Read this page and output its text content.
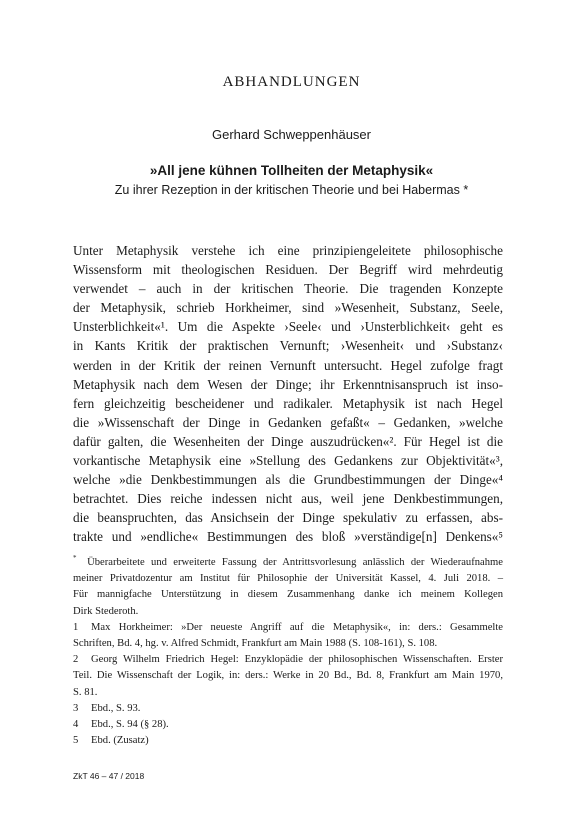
ABHANDLUNGEN
Gerhard Schweppenhäuser
»All jene kühnen Tollheiten der Metaphysik«
Zu ihrer Rezeption in der kritischen Theorie und bei Habermas *
Unter Metaphysik verstehe ich eine prinzipiengeleitete philosophische
Wissensform mit theologischen Residuen. Der Begriff wird mehrdeutig
verwendet – auch in der kritischen Theorie. Die tragenden Konzepte
der Metaphysik, schrieb Horkheimer, sind »Wesenheit, Substanz, Seele,
Unsterblichkeit«¹. Um die Aspekte ›Seele‹ und ›Unsterblichkeit‹ geht es
in Kants Kritik der praktischen Vernunft; ›Wesenheit‹ und ›Substanz‹
werden in der Kritik der reinen Vernunft untersucht. Hegel zufolge fragt
Metaphysik nach dem Wesen der Dinge; ihr Erkenntnisanspruch ist inso-
fern gleichzeitig bescheidener und radikaler. Metaphysik ist nach Hegel
die »Wissenschaft der Dinge in Gedanken gefaßt« – Gedanken, »welche
dafür galten, die Wesenheiten der Dinge auszudrücken«². Für Hegel ist die
vorkantische Metaphysik eine »Stellung des Gedankens zur Objektivität«³,
welche »die Denkbestimmungen als die Grundbestimmungen der Dinge«⁴
betrachtet. Dies reiche indessen nicht aus, weil jene Denkbestimmungen,
die beanspruchten, das Ansichsein der Dinge spekulativ zu erfassen, abs-
trakte und »endliche« Bestimmungen des bloß »verständige[n] Denkens«⁵
*   Überarbeitete und erweiterte Fassung der Antrittsvorlesung anlässlich der Wiederaufnahme
meiner Privatdozentur am Institut für Philosophie der Universität Kassel, 4. Juli 2018. –
Für mannigfache Unterstützung in diesem Zusammenhang danke ich meinem Kollegen
Dirk Stederoth.
1 Max Horkheimer: »Der neueste Angriff auf die Metaphysik«, in: ders.: Gesammelte
Schriften, Bd. 4, hg. v. Alfred Schmidt, Frankfurt am Main 1988 (S. 108-161), S. 108.
2 Georg Wilhelm Friedrich Hegel: Enzyklopädie der philosophischen Wissenschaften. Erster
Teil. Die Wissenschaft der Logik, in: ders.: Werke in 20 Bd., Bd. 8, Frankfurt am Main 1970,
S. 81.
3 Ebd., S. 93.
4 Ebd., S. 94 (§ 28).
5 Ebd. (Zusatz)
ZkT 46 – 47 / 2018
